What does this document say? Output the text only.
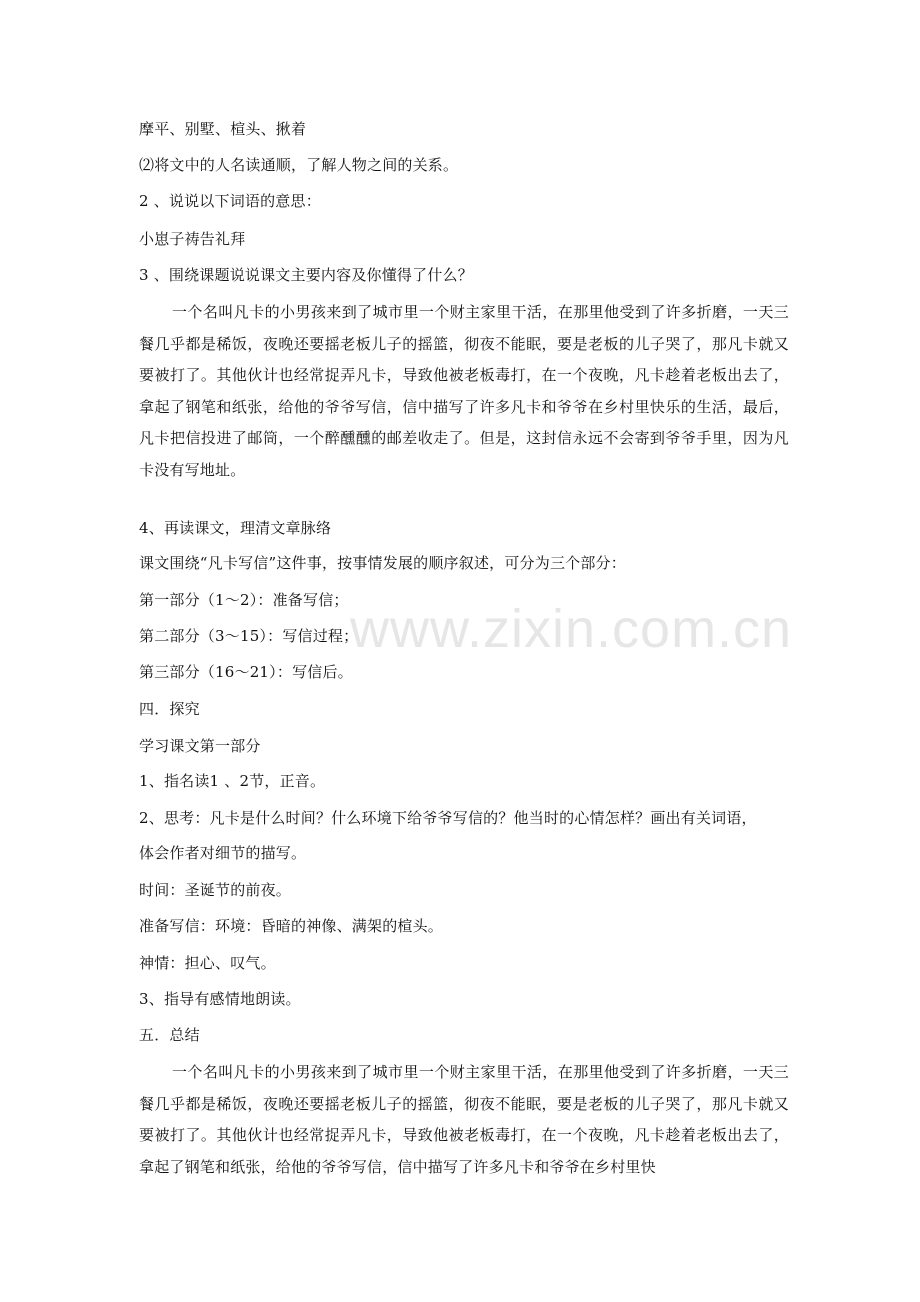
摩平、别墅、楦头、揪着
⑵将文中的人名读通顺，了解人物之间的关系。
2 、说说以下词语的意思：
小崽子祷告礼拜
3 、围绕课题说说课文主要内容及你懂得了什么？
一个名叫凡卡的小男孩来到了城市里一个财主家里干活，在那里他受到了许多折磨，一天三餐几乎都是稀饭，夜晚还要摇老板儿子的摇篮，彻夜不能眠，要是老板的儿子哭了，那凡卡就又要被打了。其他伙计也经常捉弄凡卡，导致他被老板毒打，在一个夜晚，凡卡趁着老板出去了，拿起了钢笔和纸张，给他的爷爷写信，信中描写了许多凡卡和爷爷在乡村里快乐的生活，最后，凡卡把信投进了邮筒，一个醉醺醺的邮差收走了。但是，这封信永远不会寄到爷爷手里，因为凡卡没有写地址。
4、再读课文，理清文章脉络
课文围绕“凡卡写信”这件事，按事情发展的顺序叙述，可分为三个部分：
第一部分（1～2）：准备写信；
第二部分（3～15）：写信过程；
第三部分（16～21）：写信后。
四．探究
学习课文第一部分
1、指名读1 、2节，正音。
2、思考：凡卡是什么时间？什么环境下给爷爷写信的？他当时的心情怎样？画出有关词语，
体会作者对细节的描写。
时间：圣诞节的前夜。
准备写信：环境：昏暗的神像、满架的楦头。
神情：担心、叹气。
3、指导有感情地朗读。
五．总结
一个名叫凡卡的小男孩来到了城市里一个财主家里干活，在那里他受到了许多折磨，一天三餐几乎都是稀饭，夜晚还要摇老板儿子的摇篮，彻夜不能眠，要是老板的儿子哭了，那凡卡就又要被打了。其他伙计也经常捉弄凡卡，导致他被老板毒打，在一个夜晚，凡卡趁着老板出去了，拿起了钢笔和纸张，给他的爷爷写信，信中描写了许多凡卡和爷爷在乡村里快
www.zixin.com.cn
